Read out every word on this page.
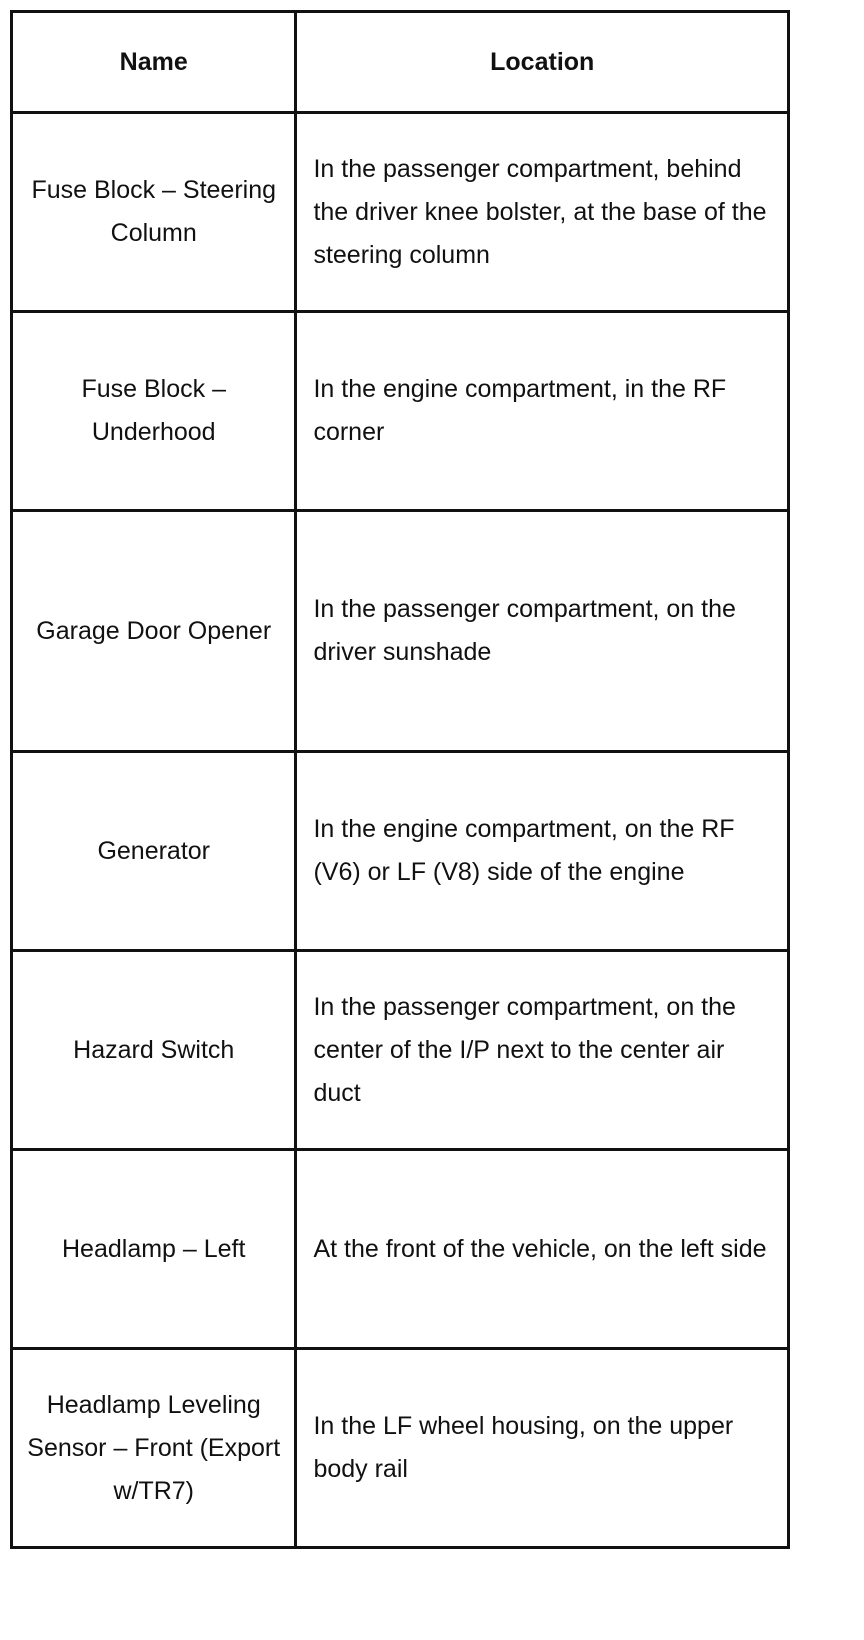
Name	Location
Fuse Block – Steering Column	In the passenger compartment, behind the driver knee bolster, at the base of the steering column
Fuse Block – Underhood	In the engine compartment, in the RF corner
Garage Door Opener	In the passenger compartment, on the driver sunshade
Generator	In the engine compartment, on the RF (V6) or LF (V8) side of the engine
Hazard Switch	In the passenger compartment, on the center of the I/P next to the center air duct
Headlamp – Left	At the front of the vehicle, on the left side
Headlamp Leveling Sensor – Front (Export w/TR7)	In the LF wheel housing, on the upper body rail
